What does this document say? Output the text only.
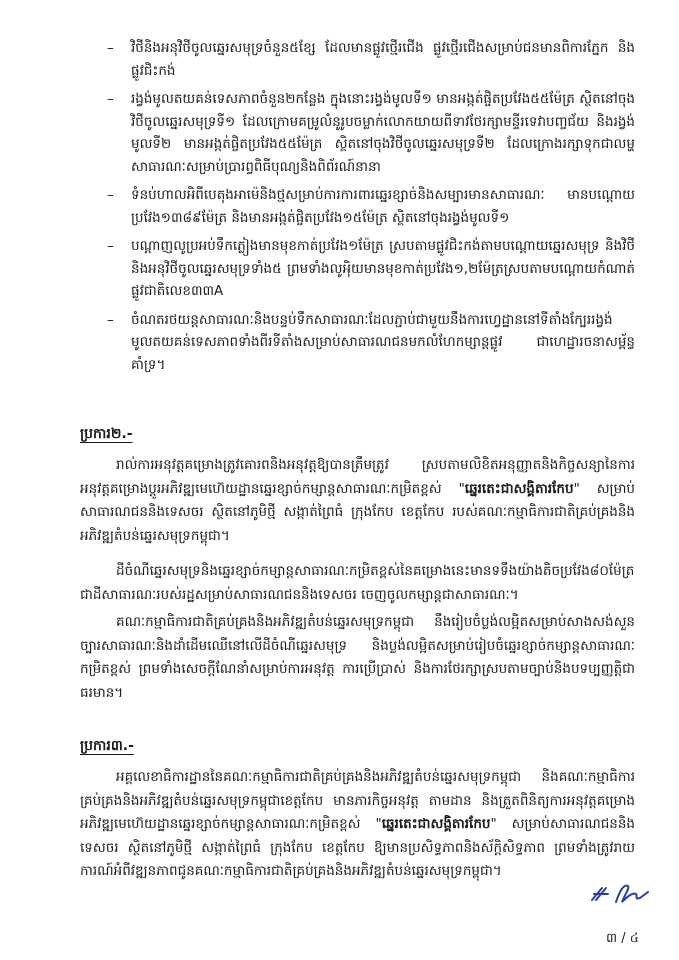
–	វិថីនិងអនុវិថីចូលឆ្នេរសមុទ្រចំនួន៥ខ្សែ ដែលមានផ្លូវថ្មើរជើង ផ្លូវថ្មើរជើងសម្រាប់ជនមានពិការភ្នែក និងផ្លូវជិះកង់
–	រង្វង់មូលតយគន់ទេសភាពចំនួន២កន្លែង ក្នុងនោះរង្វង់មូលទី១ មានអង្កត់ផ្ចិតប្រវែង៥៥ម៉ែត្រ ស្ថិតនៅចុងវិថីចូលឆ្នេរសមុទ្រទី១ ដែលក្រោមគម្រូលំនូរូបចម្លាក់លោកយាយពីទាវថែរក្សាមន្ទីរទេវាបញ្ចជ័យ និងរង្វង់មូលទី២ មានអង្កត់ផ្ចិតប្រវែង៥៥ម៉ែត្រ ស្ថិតនៅចុងវិថីចូលឆ្នេរសមុទ្រទី២ ដែលក្រោងរក្សាទុកជាលម្ហសាធារណៈសម្រាប់ប្រារព្ធពិធីបុណ្យនិងពិព័រណ៍នានា
–	ទំនប់ហាលអិពីបេតុងអាម៉េនិងថ្មសម្រាប់ការការពារឆ្នេរខ្សាច់និងសម្បារមានសាធារណៈ មានបណ្តោយប្រវែង១៣៨៩ម៉ែត្រ និងមានអង្កត់ផ្ចិតប្រវែង១៥ម៉ែត្រ ស្ថិតនៅចុងរង្វង់មូលទី១
–	បណ្តាញលូប្រអប់ទឹកភ្លៀងមានមុខកាត់ប្រវែង១ម៉ែត្រ ស្របតាមផ្លូវជិះកង់តាមបណ្តោយឆ្នេរសមុទ្រ និងវិថីនិងអនុវិថីចូលឆ្នេរសមុទ្រទាំង៥ ព្រមទាំងលូអុិយមានមុខកាត់ប្រវែង១,២ម៉ែត្រស្របតាមបណ្តោយកំណាត់ផ្លូវជាតិលេខ៣៣A
–	ចំណតរថយន្តសាធារណៈនិងបន្ទប់ទឹកសាធារណៈដែលភ្ជាប់ជាមួយនឹងការហ្វេដ្ឋាននៅទីតាំងក្បែររង្វង់មូលតយគន់ទេសភាពទាំងពីរទីតាំងសម្រាប់សាធារណជនមកលំហែកម្សាន្តផ្លូវ ជាហេដ្ឋារចនាសម្ព័ន្ធគាំទ្រ។
ប្រការ២.-
រាល់ការអនុវត្តគម្រោងត្រូវគោរពនិងអនុវត្តឱ្យបានត្រឹមត្រូវ ស្របតាមលិខិតអនុញ្ញាតនិងកិច្ចសន្យានៃការអនុវត្តគម្រោងប្តូរអភិវឌ្ឍមេហ៊េយដ្ឋានឆ្នេរខ្សាច់កម្សាន្តសាធារណៈកម្រិតខ្ពស់ "ឆ្នេរតេះជាសង្គិតារកែប" សម្រាប់សាធារណជននិងទេសចរ ស្ថិតនៅភូមិថ្មី សង្កាត់ព្រៃធំ ក្រុងកែប ខេត្តកែប របស់គណៈកម្មាធិការជាតិគ្រប់គ្រងនិងអភិវឌ្ឍតំបន់ឆ្នេរសមុទ្រកម្ពុជា។
ដីចំណីឆ្នេរសមុទ្រនិងឆ្នេរខ្សាច់កម្សាន្តសាធារណៈកម្រិតខ្ពស់នៃគម្រោងនេះមានទទឹងយ៉ាងតិចប្រវែង៨០ម៉ែត្រជាដីសាធារណៈរបស់រដ្ឋសម្រាប់សាធារណជននិងទេសចរ ចេញចូលកម្សាន្តជាសាធារណៈ។
គណៈកម្មាធិការជាតិគ្រប់គ្រងនិងអភិវឌ្ឍតំបន់ឆ្នេរសមុទ្រកម្ពុជា នឹងរៀបចំប្លង់លម្អិតសម្រាប់សាងសង់សួនច្បារសាធារណៈនិងដាំដើមឈើនៅលើដីចំណីឆ្នេរសមុទ្រ និងប្លង់លម្អិតសម្រាប់រៀបចំឆ្នេរខ្សាច់កម្សាន្តសាធារណៈកម្រិតខ្ពស់ ព្រមទាំងសេចក្តីណែនាំសម្រាប់ការអនុវត្ត ការប្រើប្រាស់ និងការថែរក្សាស្របតាមច្បាប់និងបទប្បញ្ញត្តិជាធរមាន។
ប្រការ៣.-
អគ្គលេខាធិការដ្ឋាននៃគណៈកម្មាធិការជាតិគ្រប់គ្រងនិងអភិវឌ្ឍតំបន់ឆ្នេរសមុទ្រកម្ពុជា និងគណៈកម្មាធិការគ្រប់គ្រងនិងអភិវឌ្ឍតំបន់ឆ្នេរសមុទ្រកម្ពុជាខេត្តកែប មានភារកិច្ចអនុវត្ត តាមដាន និងត្រួតពិនិត្យការអនុវត្តគម្រោងអភិវឌ្ឍមេហ៊េយដ្ឋានឆ្នេរខ្សាច់កម្សាន្តសាធារណៈកម្រិតខ្ពស់ "ឆ្នេរតេះជាសង្គិតារកែប" សម្រាប់សាធារណជននិងទេសចរ ស្ថិតនៅភូមិថ្មី សង្កាត់ព្រៃធំ ក្រុងកែប ខេត្តកែប ឱ្យមានប្រសិទ្ធភាពនិងស័ក្តិសិទ្ធភាព ព្រមទាំងត្រូវរាយការណ៍អំពីវឌ្ឍនភាពជូនគណៈកម្មាធិការជាតិគ្រប់គ្រងនិងអភិវឌ្ឍតំបន់ឆ្នេរសមុទ្រកម្ពុជា។
៣ / ៤
